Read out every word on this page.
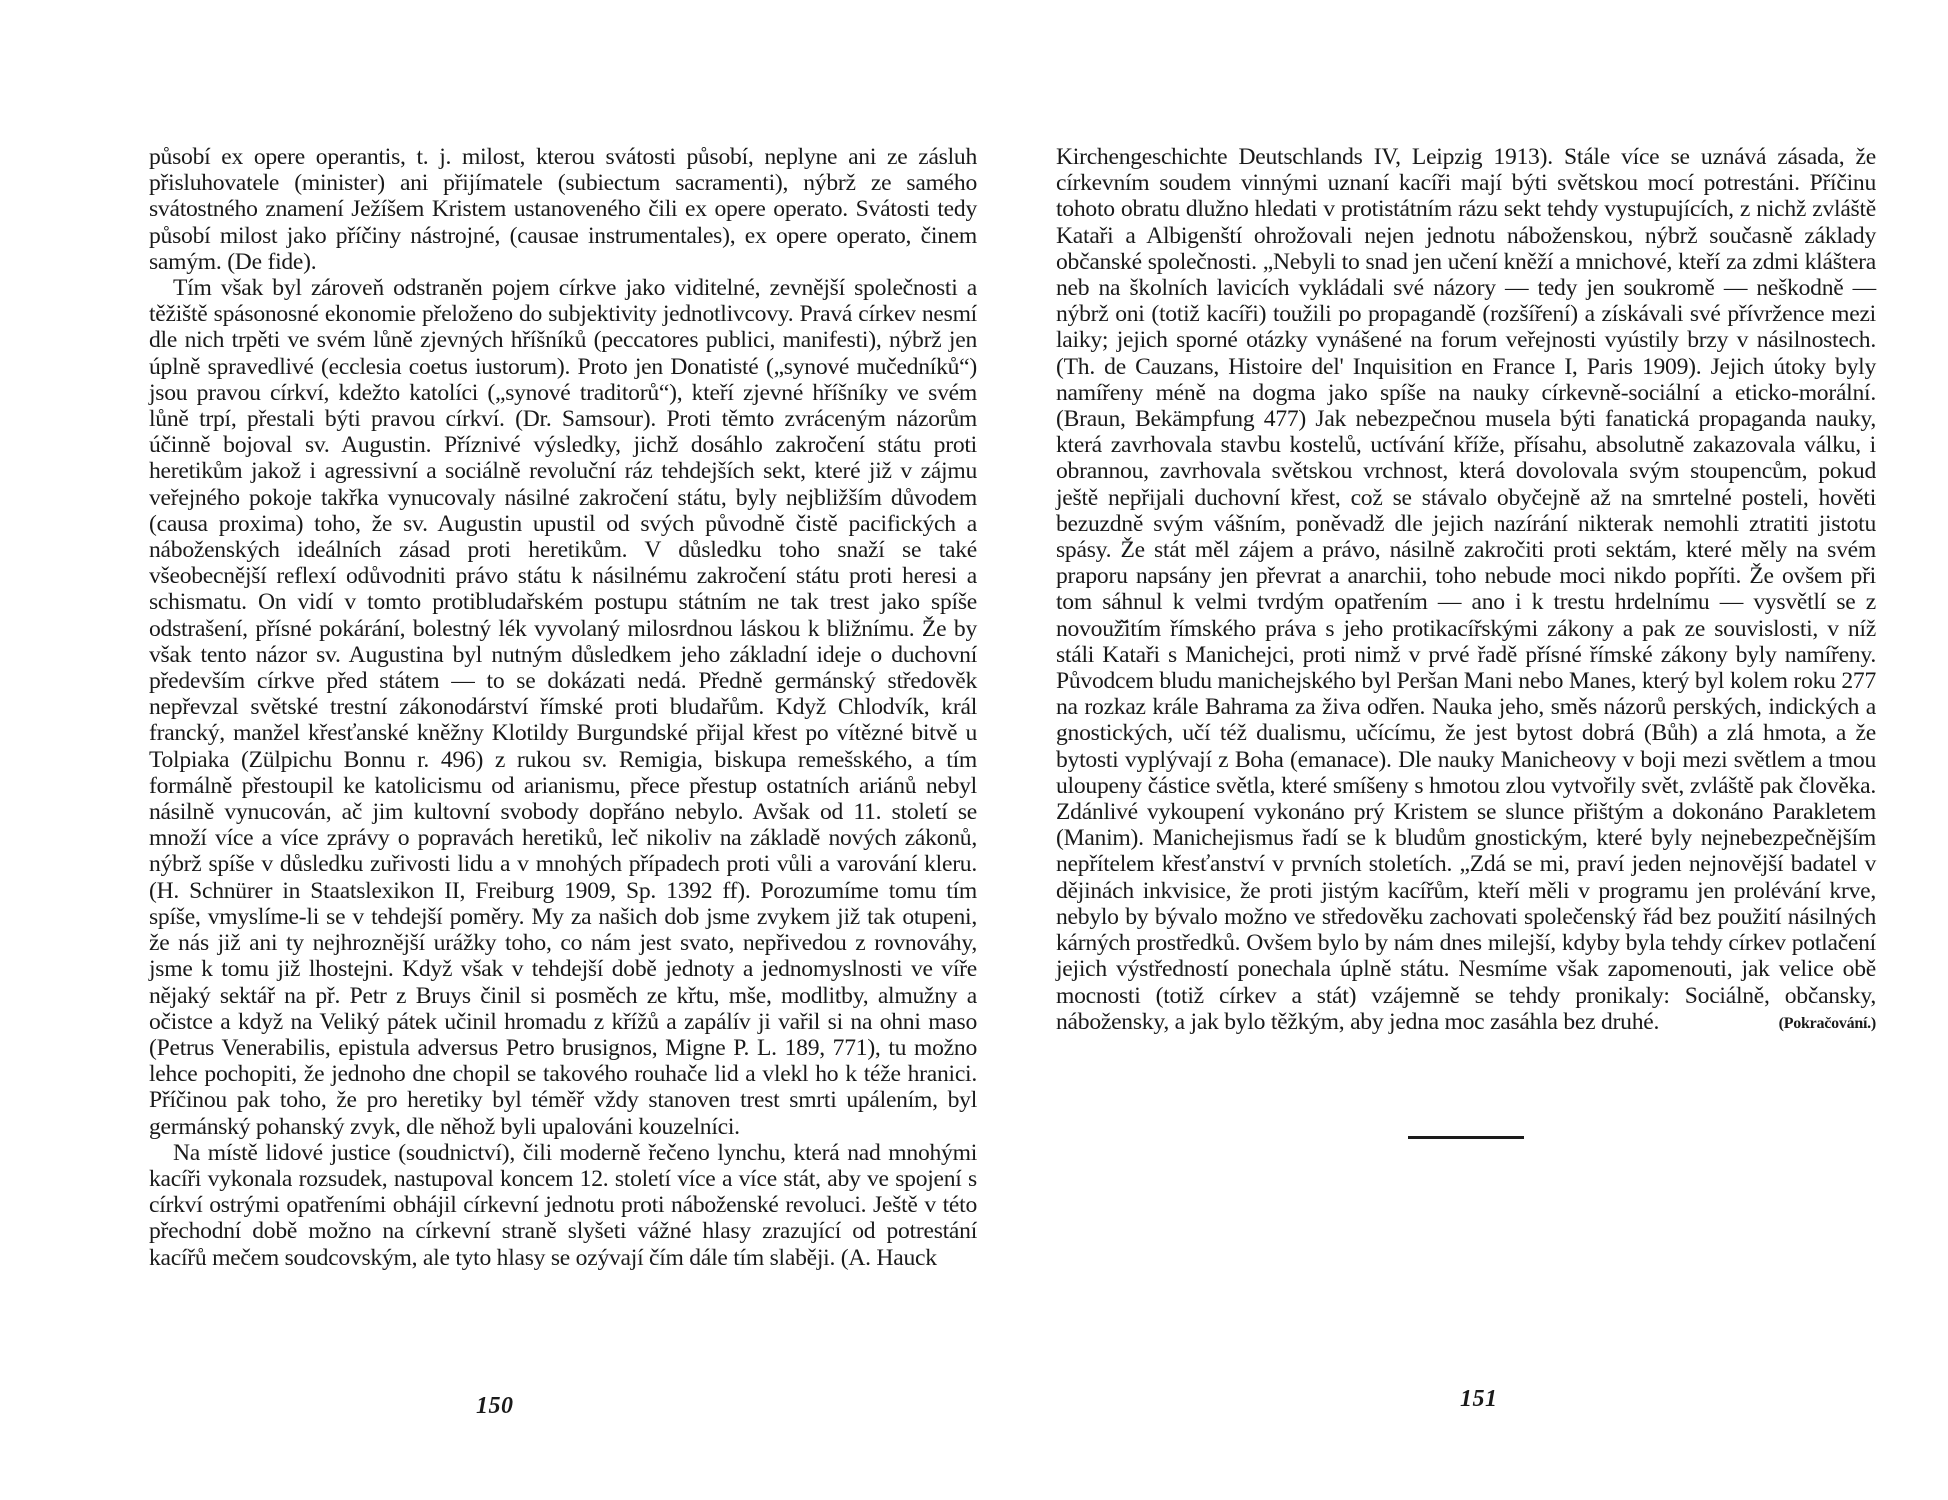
působí ex opere operantis, t. j. milost, kterou svátosti působí, neplyne ani ze zásluh přisluhovatele (minister) ani přijímatele (subiectum sacramenti), nýbrž ze samého svátostného znamení Ježíšem Kristem ustanoveného čili ex opere operato. Svátosti tedy působí milost jako příčiny nástrojné, (causae instrumentales), ex opere operato, činem samým. (De fide).

Tím však byl zároveň odstraněn pojem církve jako viditelné, zevnější společnosti a těžiště spásonosné ekonomie přeloženo do subjektivity jednotlivcovy. Pravá církev nesmí dle nich trpěti ve svém lůně zjevných hříšníků (peccatores publici, manifesti), nýbrž jen úplně spravedlivé (ecclesia coetus iustorum). Proto jen Donatisté („synové mučedníků“) jsou pravou církví, kdežto katolíci („synové traditorů“), kteří zjevné hříšníky ve svém lůně trpí, přestali býti pravou církví. (Dr. Samsour). Proti těmto zvráceným názorům účinně bojoval sv. Augustin. Příznivé výsledky, jichž dosáhlo zakročení státu proti heretikům jakož i agressivní a sociálně revoluční ráz tehdejších sekt, které již v zájmu veřejného pokoje takřka vynucovaly násilné zakročení státu, byly nejbližším důvodem (causa proxima) toho, že sv. Augustin upustil od svých původně čistě pacifických a náboženských ideálních zásad proti heretikům. V důsledku toho snaží se také všeobecnější reflexí odůvodniti právo státu k násilnému zakročení státu proti heresi a schismatu. On vidí v tomto protibludařském postupu státním ne tak trest jako spíše odstrašení, přísné pokárání, bolestný lék vyvolaný milosrdnou láskou k bližnímu. Že by však tento názor sv. Augustina byl nutným důsledkem jeho základní ideje o duchovní především církve před státem — to se dokázati nedá. Předně germánský středověk nepřevzal světské trestní zákonodárství římské proti bludařům. Když Chlodvík, král francký, manžel křesťanské kněžny Klotildy Burgundské přijal křest po vítězné bitvě u Tolpiaka (Zülpichu Bonnu r. 496) z rukou sv. Remigia, biskupa remešského, a tím formálně přestoupil ke katolicismu od arianismu, přece přestup ostatních ariánů nebyl násilně vynucován, ač jim kultovní svobody dopřáno nebylo. Avšak od 11. století se množí více a více zprávy o popravách heretiků, leč nikoliv na základě nových zákonů, nýbrž spíše v důsledku zuřivosti lidu a v mnohých případech proti vůli a varování kleru. (H. Schnürer in Staatslexikon II, Freiburg 1909, Sp. 1392 ff). Porozumíme tomu tím spíše, vmyslíme-li se v tehdejší poměry. My za našich dob jsme zvykem již tak otupeni, že nás již ani ty nejhroznější urážky toho, co nám jest svato, nepřivedou z rovnováhy, jsme k tomu již lhostejni. Když však v tehdejší době jednoty a jednomyslnosti ve víře nějaký sektář na př. Petr z Bruys činil si posměch ze křtu, mše, modlitby, almužny a očistce a když na Veliký pátek učinil hromadu z křížů a zapálív ji vařil si na ohni maso (Petrus Venerabilis, epistula adversus Petro brusignos, Migne P. L. 189, 771), tu možno lehce pochopiti, že jednoho dne chopil se takového rouhače lid a vlekl ho k téže hranici. Příčinou pak toho, že pro heretiky byl téměř vždy stanoven trest smrti upálením, byl germánský pohanský zvyk, dle něhož byli upalováni kouzelníci.

Na místě lidové justice (soudnictví), čili moderně řečeno lynchu, která nad mnohými kacíři vykonala rozsudek, nastupoval koncem 12. století více a více stát, aby ve spojení s církví ostrými opatřeními obhájil církevní jednotu proti náboženské revoluci. Ještě v této přechodní době možno na církevní straně slyšeti vážné hlasy zrazující od potrestání kacířů mečem soudcovským, ale tyto hlasy se ozývají čím dále tím slaběji. (A. Hauck

150

Kirchengeschichte Deutschlands IV, Leipzig 1913). Stále více se uznává zásada, že církevním soudem vinnými uznaní kacíři mají býti světskou mocí potrestáni. Příčinu tohoto obratu dlužno hledati v protistátním rázu sekt tehdy vystupujících, z nichž zvláště Kataři a Albigenští ohrožovali nejen jednotu náboženskou, nýbrž současně základy občanské společnosti. „Nebyli to snad jen učení kněží a mnichové, kteří za zdmi klášterа neb na školních lavicích vykládali své názory — tedy jen soukromě — neškodně — nýbrž oni (totiž kacíři) toužili po propagandě (rozšíření) a získávali své přívržence mezi laiky; jejich sporné otázky vynášené na forum veřejnosti vyústily brzy v násilnostech. (Th. de Cauzans, Histoire del' Inquisition en France I, Paris 1909). Jejich útoky byly namířeny méně na dogma jako spíše na nauky církevně-sociální a eticko-morální. (Braun, Bekämpfung 477) Jak nebezpečnou musela býti fanatická propaganda nauky, která zavrhovala stavbu kostelů, uctívání kříže, přísahu, absolutně zakazovala válku, i obrannou, zavrhovala světskou vrchnost, která dovolovala svým stoupencům, pokud ještě nepřijali duchovní křest, což se stávalo obyčejně až na smrtelné posteli, hověti bezuzdně svým vášním, poněvadž dle jejich nazírání nikterak nemohli ztratiti jistotu spásy. Že stát měl zájem a právo, násilně zakročiti proti sektám, které měly na svém praporu napsány jen převrat a anarchii, toho nebude moci nikdo popříti. Že ovšem při tom sáhnul k velmi tvrdým opatřením — ano i k trestu hrdelnímu — vysvětlí se z novouž̌itím římského práva s jeho protikacířskými zákony a pak ze souvislosti, v níž stáli Kataři s Manichejci, proti nimž v prvé řadě přísné římské zákony byly namířeny. Původcem bludu manichejského byl Peršan Mani nebo Manes, který byl kolem roku 277 na rozkaz krále Bahrama za živa odřen. Nauka jeho, směs názorů perských, indických a gnostických, učí též dualismu, učícímu, že jest bytost dobrá (Bůh) a zlá hmota, a že bytosti vyplývají z Boha (emanace). Dle nauky Manicheovy v boji mezi světlem a tmou uloupeny částice světla, které smíšeny s hmotou zlou vytvořily svět, zvláště pak člověka. Zdánlivé vykoupení vykonáno prý Kristem se slunce přištým a dokonáno Parakletem (Manim). Manichejismus řadí se k bludům gnostickým, které byly nejnebezpečnějším nepřítelem křesťanství v prvních stoletích. „Zdá se mi, praví jeden nejnovější badatel v dějinách inkvisice, že proti jistým kacířům, kteří měli v programu jen prolévání krve, nebylo by bývalo možno ve středověku zachovati společenský řád bez použití násilných kárných prostředků. Ovšem bylo by nám dnes milejší, kdyby byla tehdy církev potlačení jejich výstředností ponechala úplně státu. Nesmíme však zapomenouti, jak velice obě mocnosti (totiž církev a stát) vzájemně se tehdy pronikaly: Sociálně, občansky, nábožensky, a jak bylo těžkým, aby jedna moc zasáhla bez druhé.	(Pokračování.)

151
